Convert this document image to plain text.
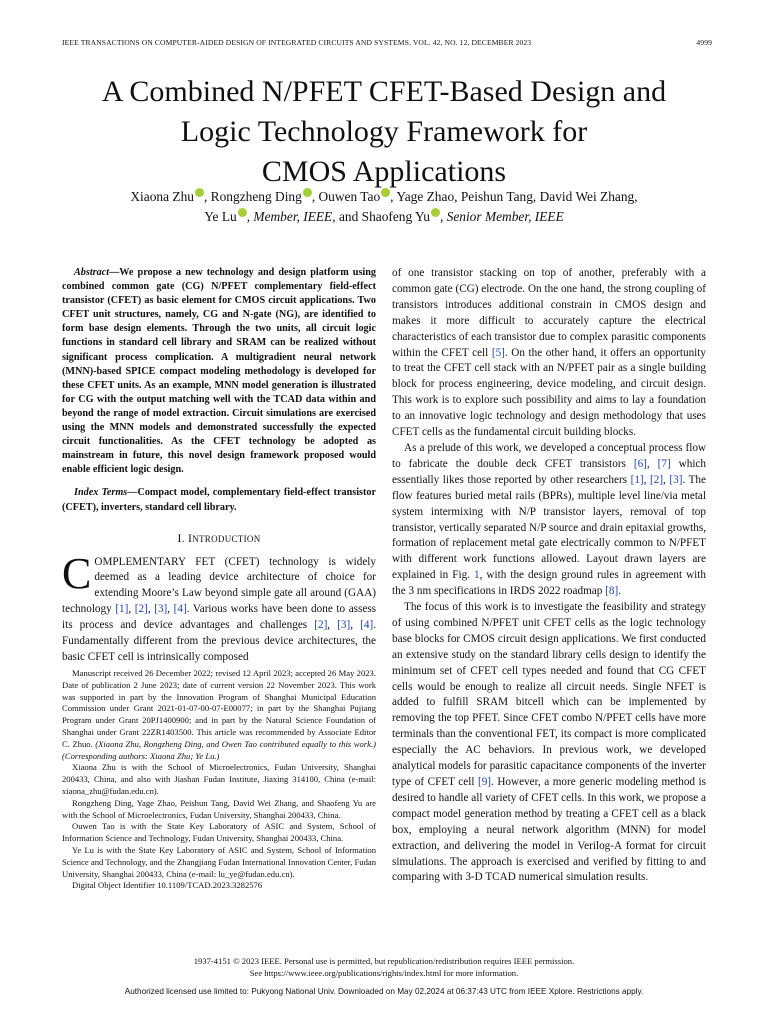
IEEE TRANSACTIONS ON COMPUTER-AIDED DESIGN OF INTEGRATED CIRCUITS AND SYSTEMS, VOL. 42, NO. 12, DECEMBER 2023	4999
A Combined N/PFET CFET-Based Design and
Logic Technology Framework for
CMOS Applications
Xiaona Zhu , Rongzheng Ding , Ouwen Tao , Yage Zhao, Peishun Tang, David Wei Zhang,
Ye Lu , Member, IEEE, and Shaofeng Yu , Senior Member, IEEE

Abstract—We propose a new technology and design platform using combined common gate (CG) N/PFET complementary field-effect transistor (CFET) as basic element for CMOS circuit applications. Two CFET unit structures, namely, CG and N-gate (NG), are identified to form base design elements. Through the two units, all circuit logic functions in standard cell library and SRAM can be realized without significant process complication. A multigradient neural network (MNN)-based SPICE compact modeling methodology is developed for these CFET units. As an example, MNN model generation is illustrated for CG with the output matching well with the TCAD data within and beyond the range of model extraction. Circuit simulations are exercised using the MNN models and demonstrated successfully the expected circuit functionalities. As the CFET technology be adopted as mainstream in future, this novel design framework proposed would enable efficient logic design.

Index Terms—Compact model, complementary field-effect transistor (CFET), inverters, standard cell library.

I. INTRODUCTION

COMPLEMENTARY FET (CFET) technology is widely deemed as a leading device architecture of choice for extending Moore’s Law beyond simple gate all around (GAA) technology [1], [2], [3], [4]. Various works have been done to assess its process and device advantages and challenges [2], [3], [4]. Fundamentally different from the previous device architectures, the basic CFET cell is intrinsically composed

Manuscript received 26 December 2022; revised 12 April 2023; accepted 26 May 2023. Date of publication 2 June 2023; date of current version 22 November 2023. This work was supported in part by the Innovation Program of Shanghai Municipal Education Commission under Grant 2021-01-07-00-07-E00077; in part by the Shanghai Pujiang Program under Grant 20PJ1400900; and in part by the Natural Science Foundation of Shanghai under Grant 22ZR1403500. This article was recommended by Associate Editor C. Zhuo. (Xiaona Zhu, Rongzheng Ding, and Owen Tao contributed equally to this work.) (Corresponding authors: Xiaona Zhu; Ye Lu.)

Xiaona Zhu is with the School of Microelectronics, Fudan University, Shanghai 200433, China, and also with Jiashan Fudan Institute, Jiaxing 314100, China (e-mail: xiaona_zhu@fudan.edu.cn).

Rongzheng Ding, Yage Zhao, Peishun Tang, David Wei Zhang, and Shaofeng Yu are with the School of Microelectronics, Fudan University, Shanghai 200433, China.

Ouwen Tao is with the State Key Laboratory of ASIC and System, School of Information Science and Technology, Fudan University, Shanghai 200433, China.

Ye Lu is with the State Key Laboratory of ASIC and System, School of Information Science and Technology, and the Zhangjiang Fudan International Innovation Center, Fudan University, Shanghai 200433, China (e-mail: lu_ye@fudan.edu.cn).

Digital Object Identifier 10.1109/TCAD.2023.3282576

of one transistor stacking on top of another, preferably with a common gate (CG) electrode. On the one hand, the strong coupling of transistors introduces additional constrain in CMOS design and makes it more difficult to accurately capture the electrical characteristics of each transistor due to complex parasitic components within the CFET cell [5]. On the other hand, it offers an opportunity to treat the CFET cell stack with an N/PFET pair as a single building block for process engineering, device modeling, and circuit design. This work is to explore such possibility and aims to lay a foundation to an innovative logic technology and design methodology that uses CFET cells as the fundamental circuit building blocks.

As a prelude of this work, we developed a conceptual process flow to fabricate the double deck CFET transistors [6], [7] which essentially likes those reported by other researchers [1], [2], [3]. The flow features buried metal rails (BPRs), multiple level line/via metal system intermixing with N/P transistor layers, removal of top transistor, vertically separated N/P source and drain epitaxial growths, formation of replacement metal gate electrically common to N/PFET with different work functions allowed. Layout drawn layers are explained in Fig. 1, with the design ground rules in agreement with the 3 nm specifications in IRDS 2022 roadmap [8].

The focus of this work is to investigate the feasibility and strategy of using combined N/PFET unit CFET cells as the logic technology base blocks for CMOS circuit design applications. We first conducted an extensive study on the standard library cells design to identify the minimum set of CFET cell types needed and found that CG CFET cells would be enough to realize all circuit needs. Single NFET is added to fulfill SRAM bitcell which can be implemented by removing the top PFET. Since CFET combo N/PFET cells have more terminals than the conventional FET, its compact is more complicated especially the AC behaviors. In previous work, we developed analytical models for parasitic capacitance components of the inverter type of CFET cell [9]. However, a more generic modeling method is desired to handle all variety of CFET cells. In this work, we propose a compact model generation method by treating a CFET cell as a black box, employing a neural network algorithm (MNN) for model extraction, and delivering the model in Verilog-A format for circuit simulations. The approach is exercised and verified by fitting to and comparing with 3-D TCAD numerical simulation results.

1937-4151 © 2023 IEEE. Personal use is permitted, but republication/redistribution requires IEEE permission.
See https://www.ieee.org/publications/rights/index.html for more information.
Authorized licensed use limited to: Pukyong National Univ. Downloaded on May 02,2024 at 06:37:43 UTC from IEEE Xplore. Restrictions apply.
